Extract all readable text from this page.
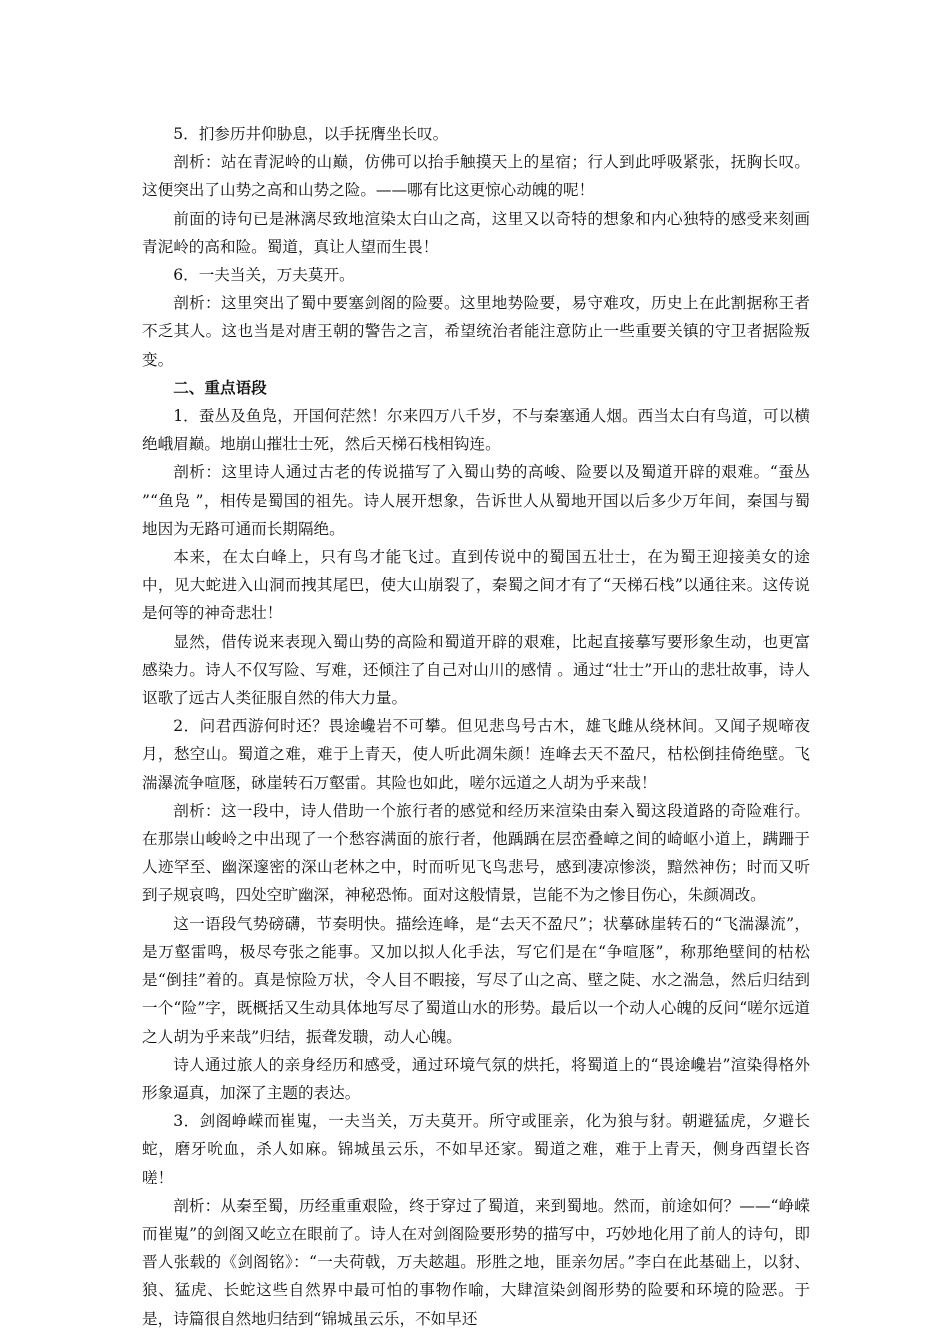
5．扪参历井仰胁息，以手抚膺坐长叹。

剖析：站在青泥岭的山巅，仿佛可以抬手触摸天上的星宿；行人到此呼吸紧张，抚胸长叹。这便突出了山势之高和山势之险。——哪有比这更惊心动魄的呢！

前面的诗句已是淋漓尽致地渲染太白山之高，这里又以奇特的想象和内心独特的感受来刻画青泥岭的高和险。蜀道，真让人望而生畏！

6．一夫当关，万夫莫开。

剖析：这里突出了蜀中要塞剑阁的险要。这里地势险要，易守难攻，历史上在此割据称王者不乏其人。这也当是对唐王朝的警告之言，希望统治者能注意防止一些重要关镇的守卫者据险叛变。

二、重点语段

1．蚕丛及鱼凫，开国何茫然！尔来四万八千岁，不与秦塞通人烟。西当太白有鸟道，可以横绝峨眉巅。地崩山摧壮士死，然后天梯石栈相钩连。

剖析：这里诗人通过古老的传说描写了入蜀山势的高峻、险要以及蜀道开辟的艰难。“蚕丛 ”“鱼凫 ”，相传是蜀国的祖先。诗人展开想象，告诉世人从蜀地开国以后多少万年间，秦国与蜀地因为无路可通而长期隔绝。

本来，在太白峰上，只有鸟才能飞过。直到传说中的蜀国五壮士，在为蜀王迎接美女的途中，见大蛇进入山洞而拽其尾巴，使大山崩裂了，秦蜀之间才有了“天梯石栈”以通往来。这传说是何等的神奇悲壮！

显然，借传说来表现入蜀山势的高险和蜀道开辟的艰难，比起直接摹写要形象生动，也更富感染力。诗人不仅写险、写难，还倾注了自己对山川的感情 。通过“壮士”开山的悲壮故事，诗人讴歌了远古人类征服自然的伟大力量。

2．问君西游何时还？畏途巉岩不可攀。但见悲鸟号古木，雄飞雌从绕林间。又闻子规啼夜月，愁空山。蜀道之难，难于上青天，使人听此凋朱颜！连峰去天不盈尺，枯松倒挂倚绝壁。飞湍瀑流争喧豗，砯崖转石万壑雷。其险也如此，嗟尔远道之人胡为乎来哉！

剖析：这一段中，诗人借助一个旅行者的感觉和经历来渲染由秦入蜀这段道路的奇险难行。在那崇山峻岭之中出现了一个愁容满面的旅行者，他踽踽在层峦叠嶂之间的崎岖小道上，蹒跚于人迹罕至、幽深邃密的深山老林之中，时而听见飞鸟悲号，感到凄凉惨淡，黯然神伤；时而又听到子规哀鸣，四处空旷幽深，神秘恐怖。面对这般情景，岂能不为之惨目伤心，朱颜凋改。

这一语段气势磅礴，节奏明快。描绘连峰，是“去天不盈尺”；状摹砯崖转石的“飞湍瀑流”，是万壑雷鸣，极尽夸张之能事。又加以拟人化手法，写它们是在“争喧豗”，称那绝壁间的枯松是“倒挂”着的。真是惊险万状，令人目不暇接，写尽了山之高、壁之陡、水之湍急，然后归结到一个“险”字，既概括又生动具体地写尽了蜀道山水的形势。最后以一个动人心魄的反问“嗟尔远道之人胡为乎来哉”归结，振聋发聩，动人心魄。

诗人通过旅人的亲身经历和感受，通过环境气氛的烘托，将蜀道上的“畏途巉岩”渲染得格外形象逼真，加深了主题的表达。

3．剑阁峥嵘而崔嵬，一夫当关，万夫莫开。所守或匪亲，化为狼与豺。朝避猛虎，夕避长蛇，磨牙吮血，杀人如麻。锦城虽云乐，不如早还家。蜀道之难，难于上青天，侧身西望长咨嗟！

剖析：从秦至蜀，历经重重艰险，终于穿过了蜀道，来到蜀地。然而，前途如何？——“峥嵘而崔嵬”的剑阁又屹立在眼前了。诗人在对剑阁险要形势的描写中，巧妙地化用了前人的诗句，即晋人张载的《剑阁铭》：“一夫荷戟，万夫趑趄。形胜之地，匪亲勿居。”李白在此基础上，以豺、狼、猛虎、长蛇这些自然界中最可怕的事物作喻，大肆渲染剑阁形势的险要和环境的险恶。于是，诗篇很自然地归结到“锦城虽云乐，不如早还
